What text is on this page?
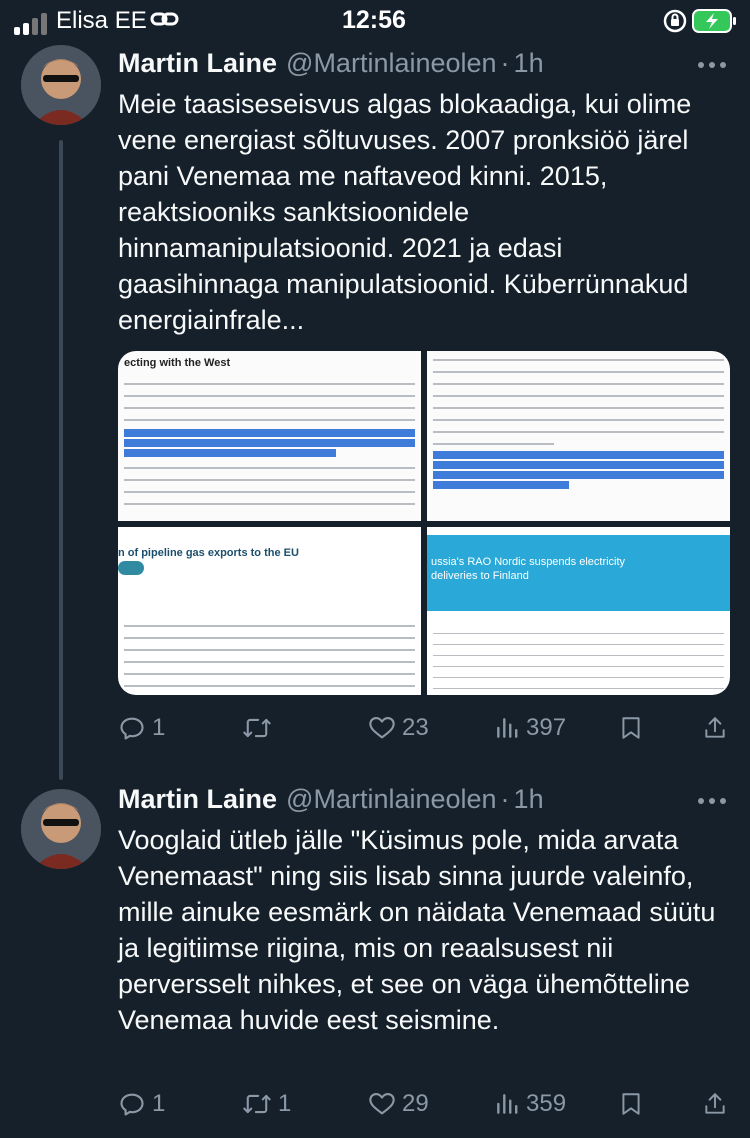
Elisa EE	12:56
Martin Laine @Martinlaineolen · 1h
Meie taasiseseisvus algas blokaadiga, kui olime vene energiast sõltuvuses. 2007 pronksiöö järel pani Venemaa me naftaveod kinni. 2015, reaktsiooniks sanktsioonidele hinnamanipulatsioonid. 2021 ja edasi gaasihinnaga manipulatsioonid. Küberrünnakud energiainfrale...
ecting with the West
n of pipeline gas exports to the EU
ussia's RAO Nordic suspends electricity deliveries to Finland
1	23	397
Martin Laine @Martinlaineolen · 1h
Vooglaid ütleb jälle "Küsimus pole, mida arvata Venemaast" ning siis lisab sinna juurde valeinfo, mille ainuke eesmärk on näidata Venemaad süütu ja legitiimse riigina, mis on reaalsusest nii perversselt nihkes, et see on väga ühemõtteline Venemaa huvide eest seismine.
1	1	29	359
